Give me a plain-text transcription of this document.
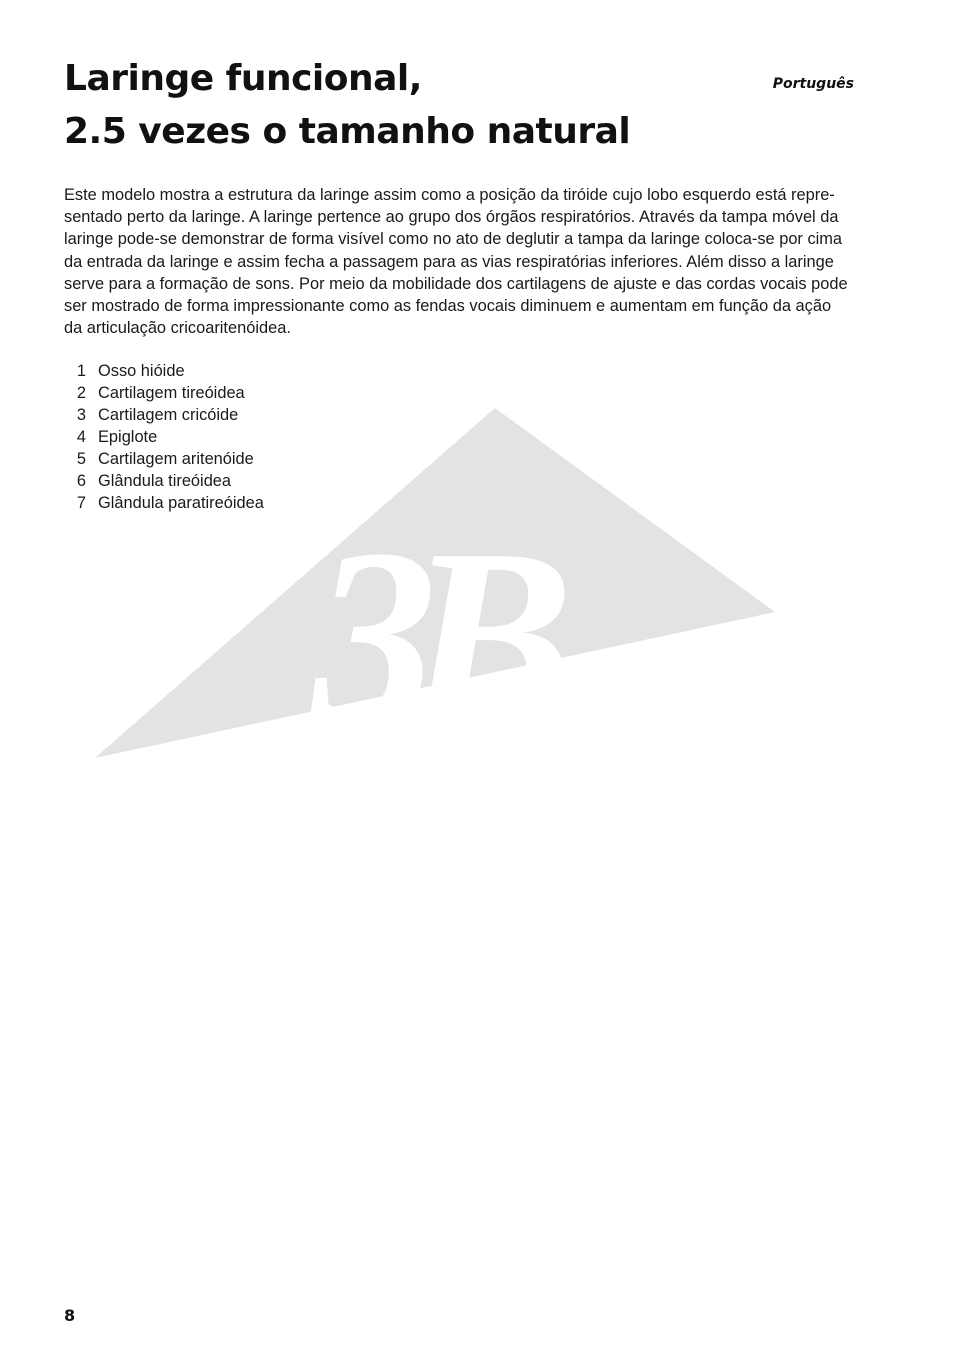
3B	®
Laringe funcional,
2.5 vezes o tamanho natural
Português

Este modelo mostra a estrutura da laringe assim como a posição da tiróide cujo lobo esquerdo está repre-
sentado perto da laringe. A laringe pertence ao grupo dos órgãos respiratórios. Através da tampa móvel da
laringe pode-se demonstrar de forma visível como no ato de deglutir a tampa da laringe coloca-se por cima
da entrada da laringe e assim fecha a passagem para as vias respiratórias inferiores. Além disso a laringe
serve para a formação de sons. Por meio da mobilidade dos cartilagens de ajuste e das cordas vocais pode
ser mostrado de forma impressionante como as fendas vocais diminuem e aumentam em função da ação
da articulação cricoaritenóidea.

1 Osso hióide
2 Cartilagem tireóidea
3 Cartilagem cricóide
4 Epiglote
5 Cartilagem aritenóide
6 Glândula tireóidea
7 Glândula paratireóidea
8
